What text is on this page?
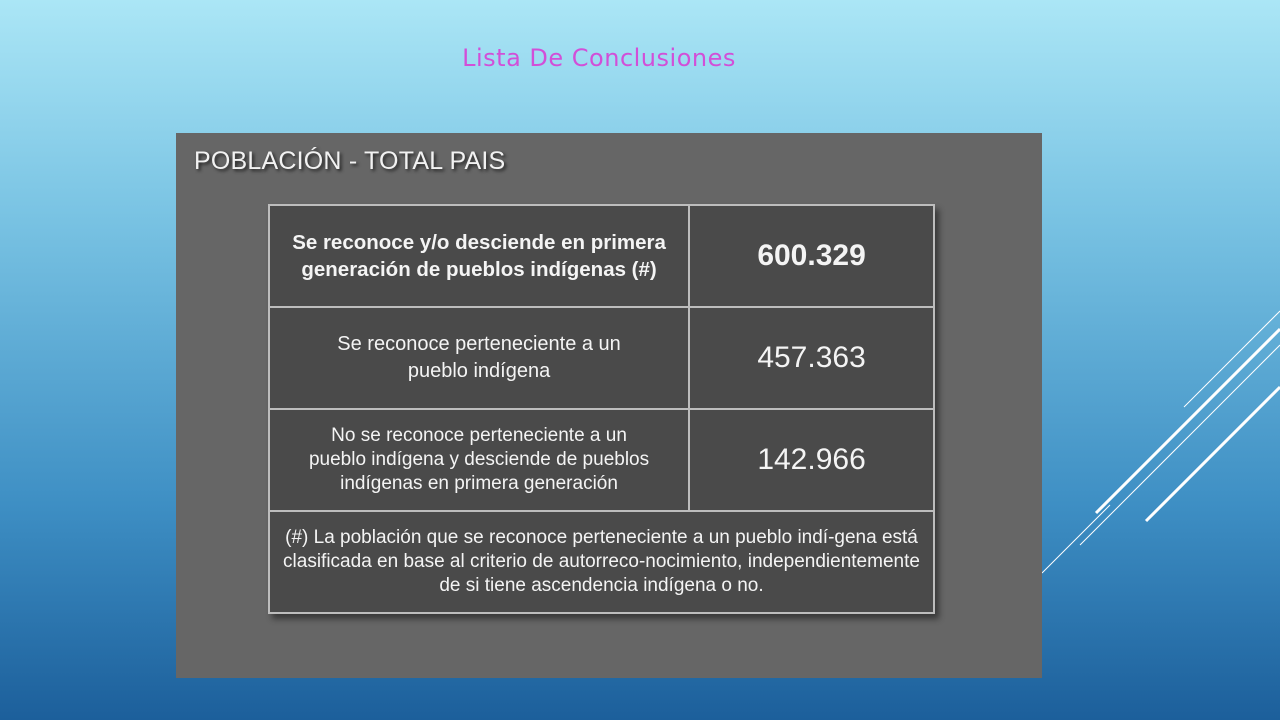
Lista De Conclusiones
POBLACIÓN - TOTAL PAIS
Se reconoce y/o desciende en primera generación de pueblos indígenas (#)	600.329
Se reconoce perteneciente a un pueblo indígena	457.363
No se reconoce perteneciente a un pueblo indígena y desciende de pueblos indígenas en primera generación	142.966
(#) La población que se reconoce perteneciente a un pueblo indí-gena está clasificada en base al criterio de autorreco-nocimiento, independientemente de si tiene ascendencia indígena o no.	
